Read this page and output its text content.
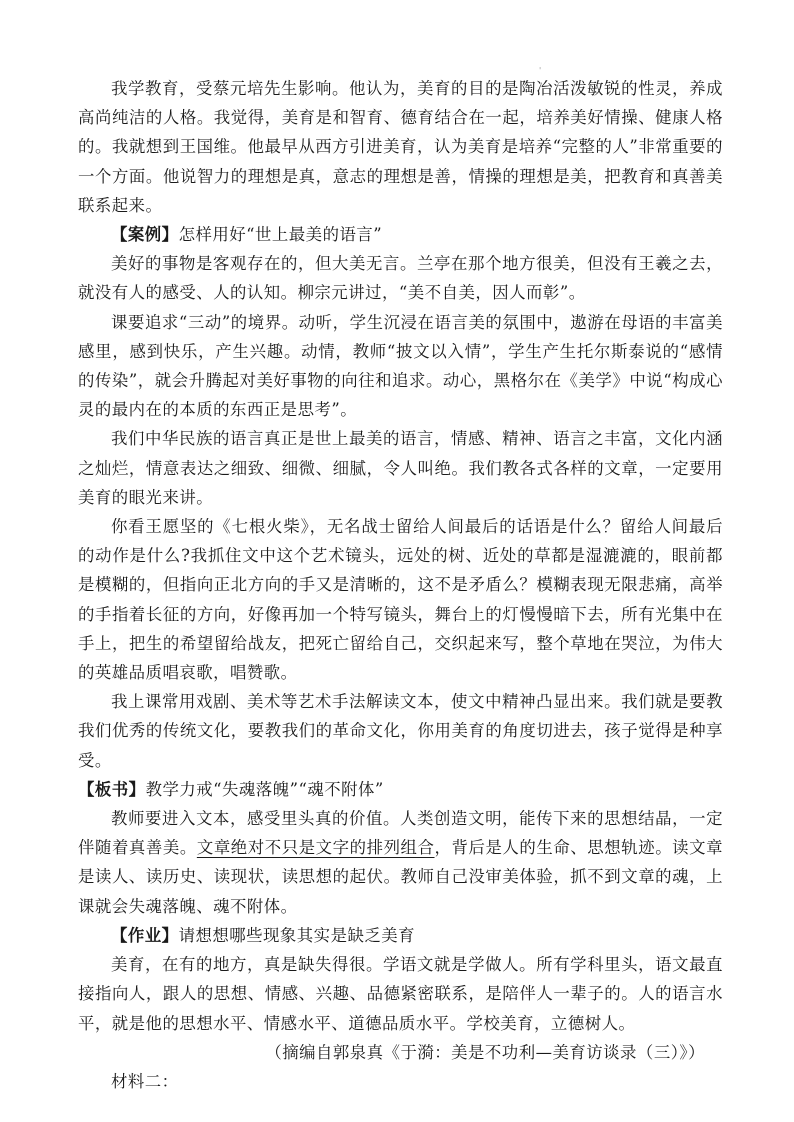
'

我学教育，受蔡元培先生影响。他认为，美育的目的是陶冶活泼敏锐的性灵，养成高尚纯洁的人格。我觉得，美育是和智育、德育结合在一起，培养美好情操、健康人格的。我就想到王国维。他最早从西方引进美育，认为美育是培养“完整的人”非常重要的一个方面。他说智力的理想是真，意志的理想是善，情操的理想是美，把教育和真善美联系起来。

【案例】怎样用好“世上最美的语言”

美好的事物是客观存在的，但大美无言。兰亭在那个地方很美，但没有王羲之去，就没有人的感受、人的认知。柳宗元讲过，“美不自美，因人而彰”。

课要追求“三动”的境界。动听，学生沉浸在语言美的氛围中，遨游在母语的丰富美感里，感到快乐，产生兴趣。动情，教师“披文以入情”，学生产生托尔斯泰说的“感情的传染”，就会升腾起对美好事物的向往和追求。动心，黑格尔在《美学》中说“构成心灵的最内在的本质的东西正是思考”。

我们中华民族的语言真正是世上最美的语言，情感、精神、语言之丰富，文化内涵之灿烂，情意表达之细致、细微、细腻，令人叫绝。我们教各式各样的文章，一定要用美育的眼光来讲。

你看王愿坚的《七根火柴》，无名战士留给人间最后的话语是什么？留给人间最后的动作是什么?我抓住文中这个艺术镜头，远处的树、近处的草都是湿漉漉的，眼前都是模糊的，但指向正北方向的手又是清晰的，这不是矛盾么？模糊表现无限悲痛，高举的手指着长征的方向，好像再加一个特写镜头，舞台上的灯慢慢暗下去，所有光集中在手上，把生的希望留给战友，把死亡留给自己，交织起来写，整个草地在哭泣，为伟大的英雄品质唱哀歌，唱赞歌。

我上课常用戏剧、美术等艺术手法解读文本，使文中精神凸显出来。我们就是要教我们优秀的传统文化，要教我们的革命文化，你用美育的角度切进去，孩子觉得是种享　受。

【板书】教学力戒“失魂落魄”“魂不附体”

教师要进入文本，感受里头真的价值。人类创造文明，能传下来的思想结晶，一定伴随着真善美。文章绝对不只是文字的排列组合，背后是人的生命、思想轨迹。读文章是读人、读历史、读现状，读思想的起伏。教师自己没审美体验，抓不到文章的魂，上课就会失魂落魄、魂不附体。

【作业】请想想哪些现象其实是缺乏美育

美育，在有的地方，真是缺失得很。学语文就是学做人。所有学科里头，语文最直接指向人，跟人的思想、情感、兴趣、品德紧密联系，是陪伴人一辈子的。人的语言水平，就是他的思想水平、情感水平、道德品质水平。学校美育，立德树人。

（摘编自郭泉真《于漪：美是不功利—美育访谈录（三）》）

材料二：
